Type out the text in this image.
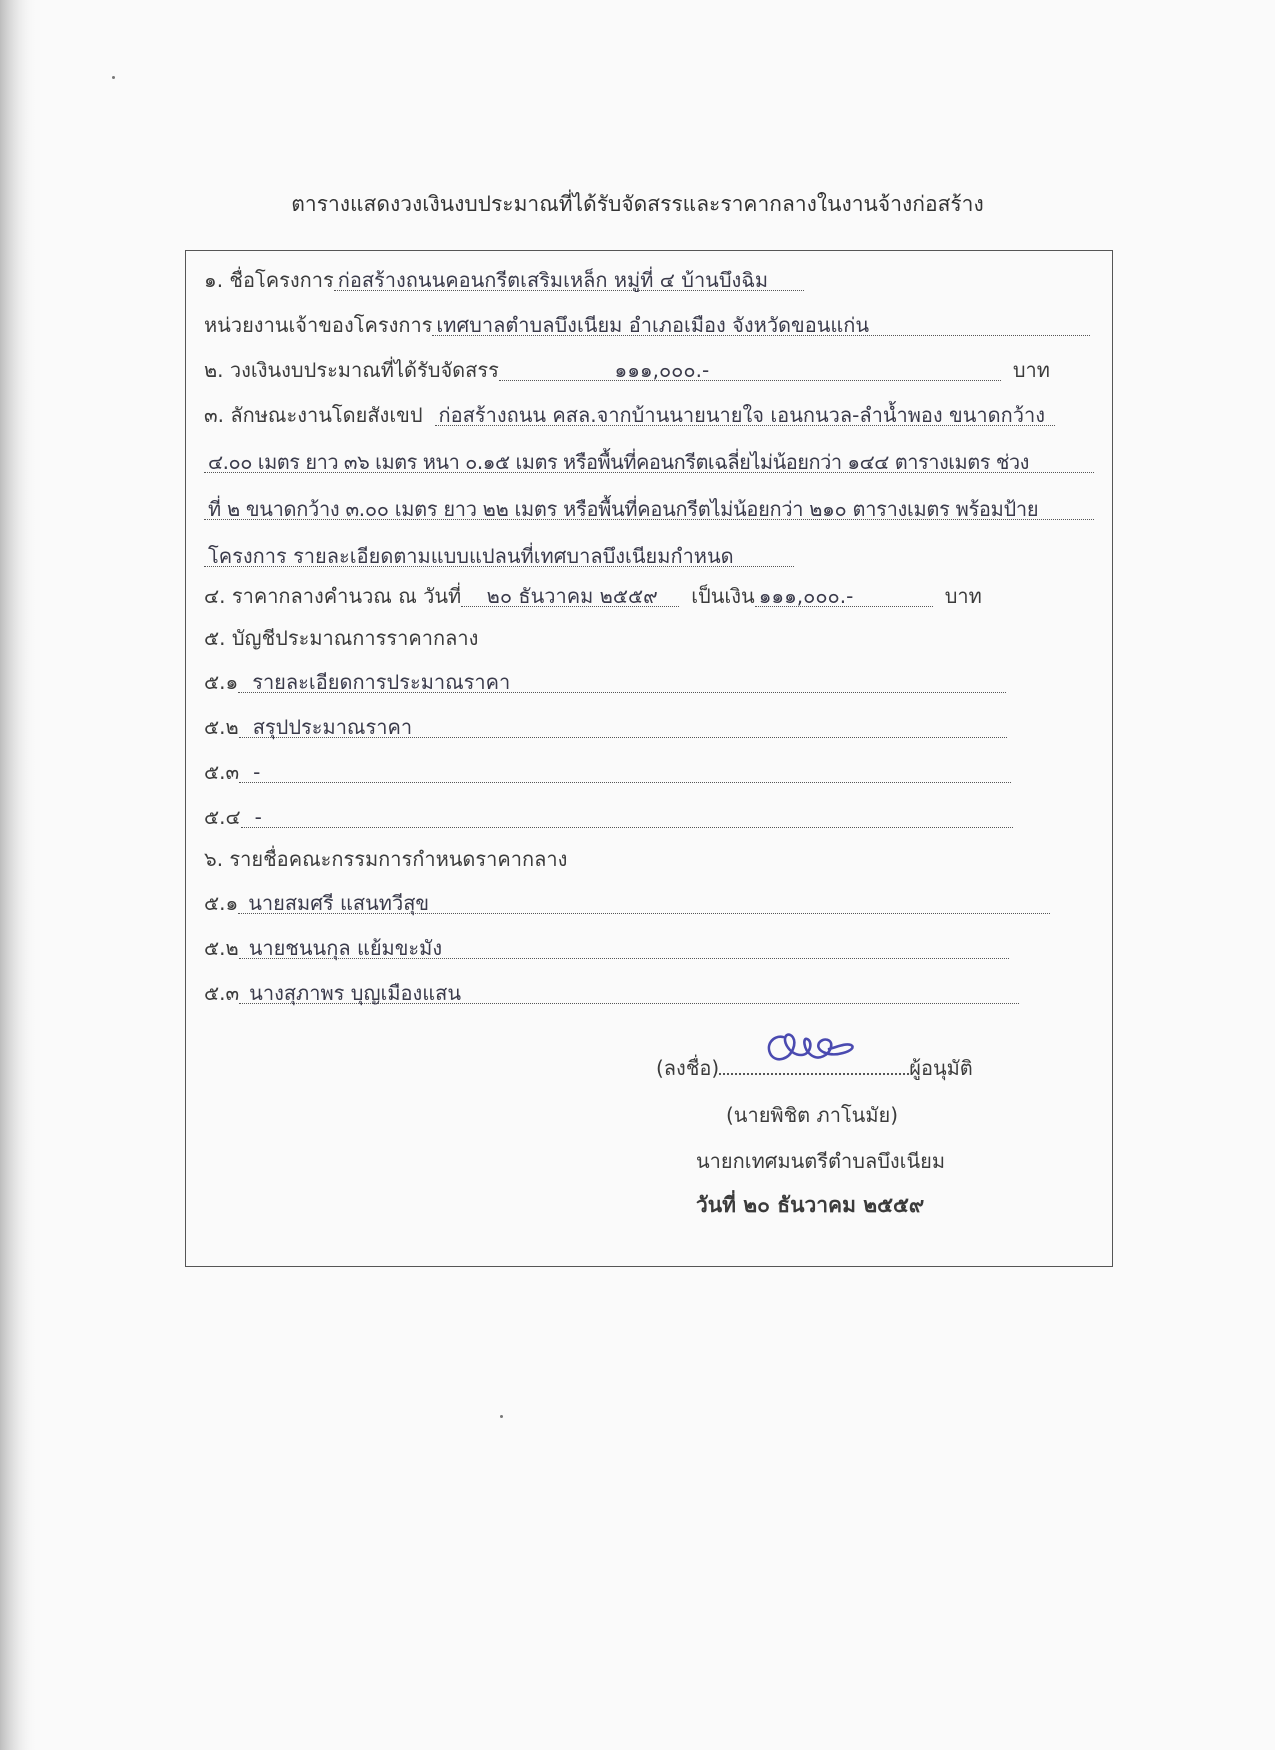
ตารางแสดงวงเงินงบประมาณที่ได้รับจัดสรรและราคากลางในงานจ้างก่อสร้าง
๑. ชื่อโครงการ ก่อสร้างถนนคอนกรีตเสริมเหล็ก หมู่ที่ ๔ บ้านบึงฉิม
หน่วยงานเจ้าของโครงการ เทศบาลตำบลบึงเนียม อำเภอเมือง จังหวัดขอนแก่น
๒. วงเงินงบประมาณที่ได้รับจัดสรร	๑๑๑,๐๐๐.-	บาท
๓. ลักษณะงานโดยสังเขป ก่อสร้างถนน คสล.จากบ้านนายนายใจ เอนกนวล-ลำน้ำพอง ขนาดกว้าง
๔.๐๐ เมตร ยาว ๓๖ เมตร หนา ๐.๑๕ เมตร หรือพื้นที่คอนกรีตเฉลี่ยไม่น้อยกว่า ๑๔๔ ตารางเมตร ช่วง
ที่ ๒ ขนาดกว้าง ๓.๐๐ เมตร ยาว ๒๒ เมตร หรือพื้นที่คอนกรีตไม่น้อยกว่า ๒๑๐ ตารางเมตร พร้อมป้าย
โครงการ รายละเอียดตามแบบแปลนที่เทศบาลบึงเนียมกำหนด
๔. ราคากลางคำนวณ ณ วันที่	๒๐ ธันวาคม ๒๕๕๙	เป็นเงิน ๑๑๑,๐๐๐.-	บาท
๕. บัญชีประมาณการราคากลาง
๕.๑ รายละเอียดการประมาณราคา
๕.๒ สรุปประมาณราคา
๕.๓ -
๕.๔ -
๖. รายชื่อคณะกรรมการกำหนดราคากลาง
๕.๑ นายสมศรี แสนทวีสุข
๕.๒ นายชนนกุล แย้มขะมัง
๕.๓ นางสุภาพร บุญเมืองแสน
(ลงชื่อ)	ผู้อนุมัติ
(นายพิชิต ภาโนมัย)
นายกเทศมนตรีตำบลบึงเนียม
วันที่ ๒๐ ธันวาคม ๒๕๕๙
